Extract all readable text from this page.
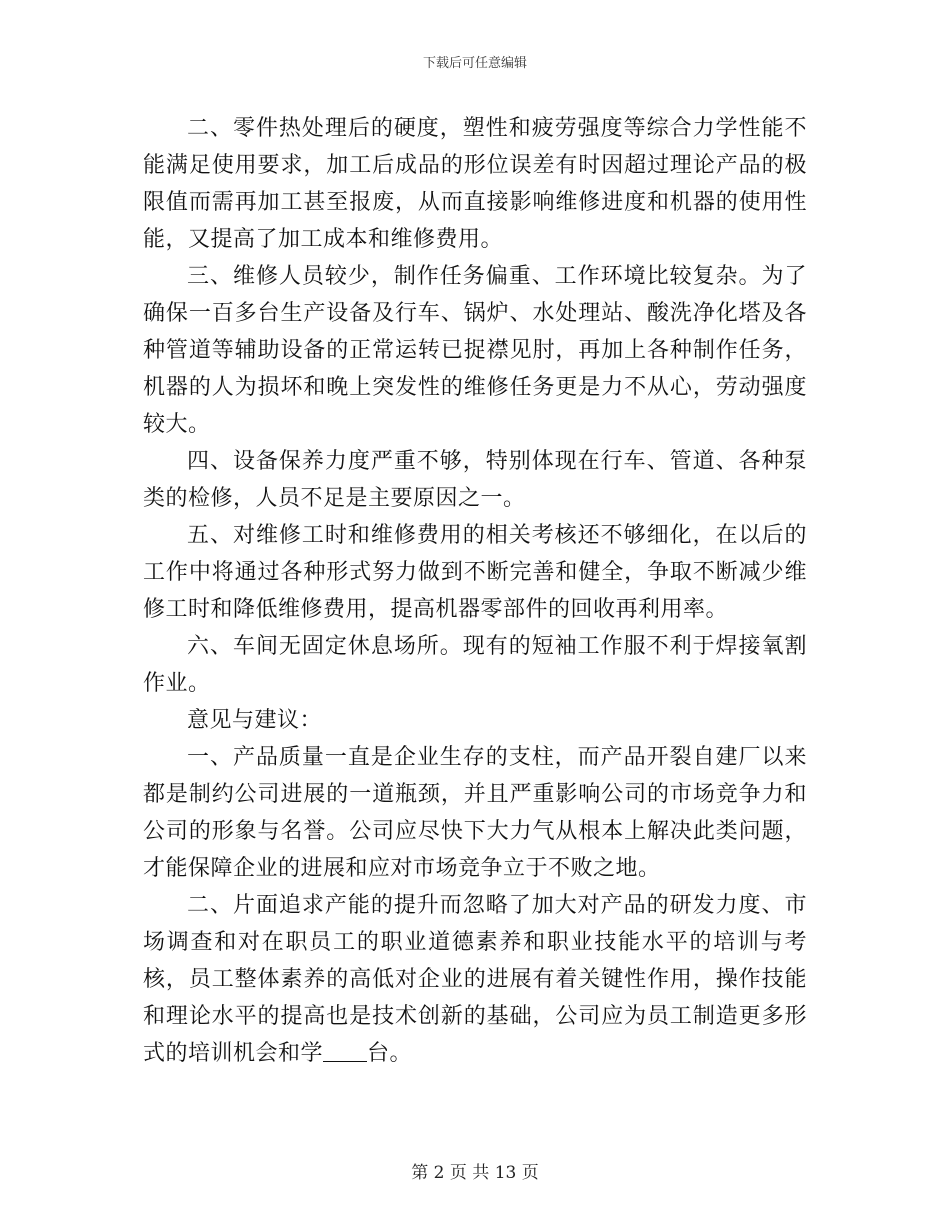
下载后可任意编辑

二、零件热处理后的硬度，塑性和疲劳强度等综合力学性能不能满足使用要求，加工后成品的形位误差有时因超过理论产品的极限值而需再加工甚至报废，从而直接影响维修进度和机器的使用性能，又提高了加工成本和维修费用。

三、维修人员较少，制作任务偏重、工作环境比较复杂。为了确保一百多台生产设备及行车、锅炉、水处理站、酸洗净化塔及各种管道等辅助设备的正常运转已捉襟见肘，再加上各种制作任务，机器的人为损坏和晚上突发性的维修任务更是力不从心，劳动强度较大。

四、设备保养力度严重不够，特别体现在行车、管道、各种泵类的检修，人员不足是主要原因之一。

五、对维修工时和维修费用的相关考核还不够细化，在以后的工作中将通过各种形式努力做到不断完善和健全，争取不断减少维修工时和降低维修费用，提高机器零部件的回收再利用率。

六、车间无固定休息场所。现有的短袖工作服不利于焊接氧割作业。

意见与建议：

一、产品质量一直是企业生存的支柱，而产品开裂自建厂以来都是制约公司进展的一道瓶颈，并且严重影响公司的市场竞争力和公司的形象与名誉。公司应尽快下大力气从根本上解决此类问题，才能保障企业的进展和应对市场竞争立于不败之地。

二、片面追求产能的提升而忽略了加大对产品的研发力度、市场调查和对在职员工的职业道德素养和职业技能水平的培训与考核，员工整体素养的高低对企业的进展有着关键性作用，操作技能和理论水平的提高也是技术创新的基础，公司应为员工制造更多形式的培训机会和学 台。

第 2 页 共 13 页
